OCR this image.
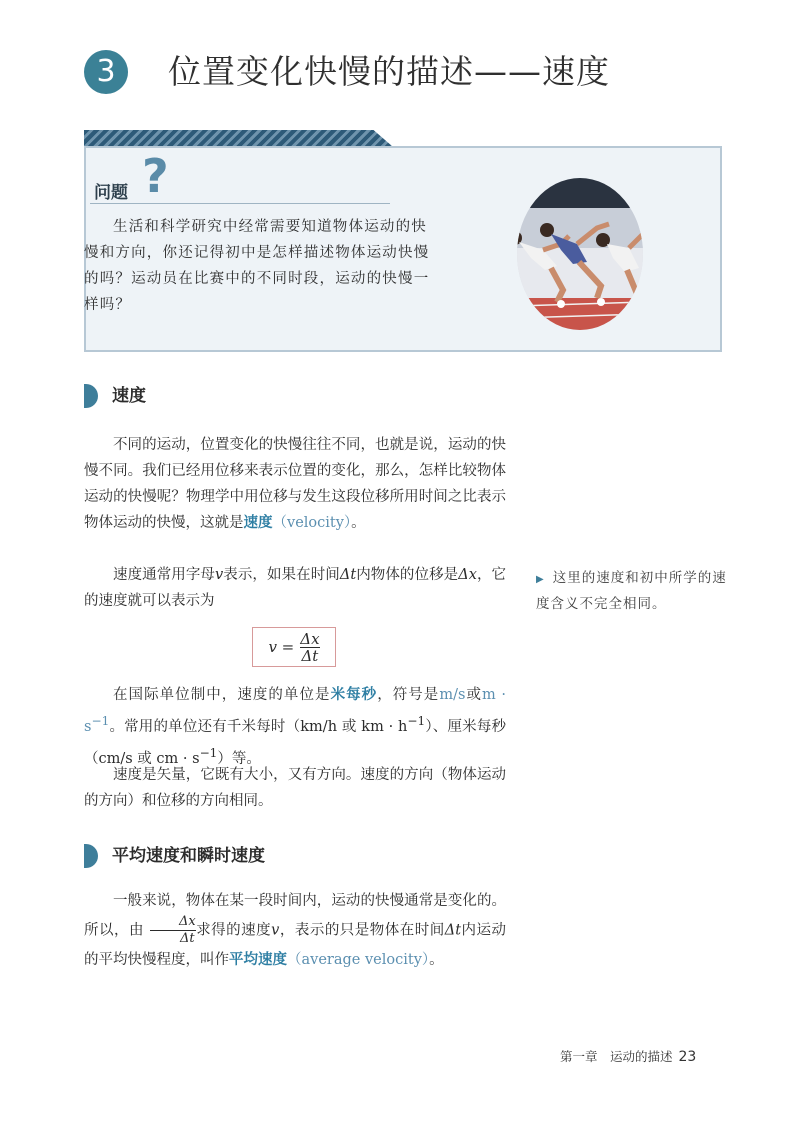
3	位置变化快慢的描述——速度
问题 ?

生活和科学研究中经常需要知道物体运动的快慢和方向，你还记得初中是怎样描述物体运动快慢的吗？运动员在比赛中的不同时段，运动的快慢一样吗？

速度

不同的运动，位置变化的快慢往往不同，也就是说，运动的快慢不同。我们已经用位移来表示位置的变化，那么，怎样比较物体运动的快慢呢？物理学中用位移与发生这段位移所用时间之比表示物体运动的快慢，这就是速度（velocity）。

速度通常用字母v表示，如果在时间Δt内物体的位移是Δx，它的速度就可以表示为

$v = \frac{\Delta x}{\Delta t}$

在国际单位制中，速度的单位是米每秒，符号是m/s或$m \cdot s^{-1}$。常用的单位还有千米每时（km/h 或 km · $h^{-1}$）、厘米每秒（cm/s 或 cm · $s^{-1}$）等。

速度是矢量，它既有大小，又有方向。速度的方向（物体运动的方向）和位移的方向相同。

▶ 这里的速度和初中所学的速度含义不完全相同。
平均速度和瞬时速度

一般来说，物体在某一段时间内，运动的快慢通常是变化的。所以，由 $\frac{\Delta x}{\Delta t}$ 求得的速度v，表示的只是物体在时间Δt内运动的平均快慢程度，叫作平均速度（average velocity）。

第一章　运动的描述 23
